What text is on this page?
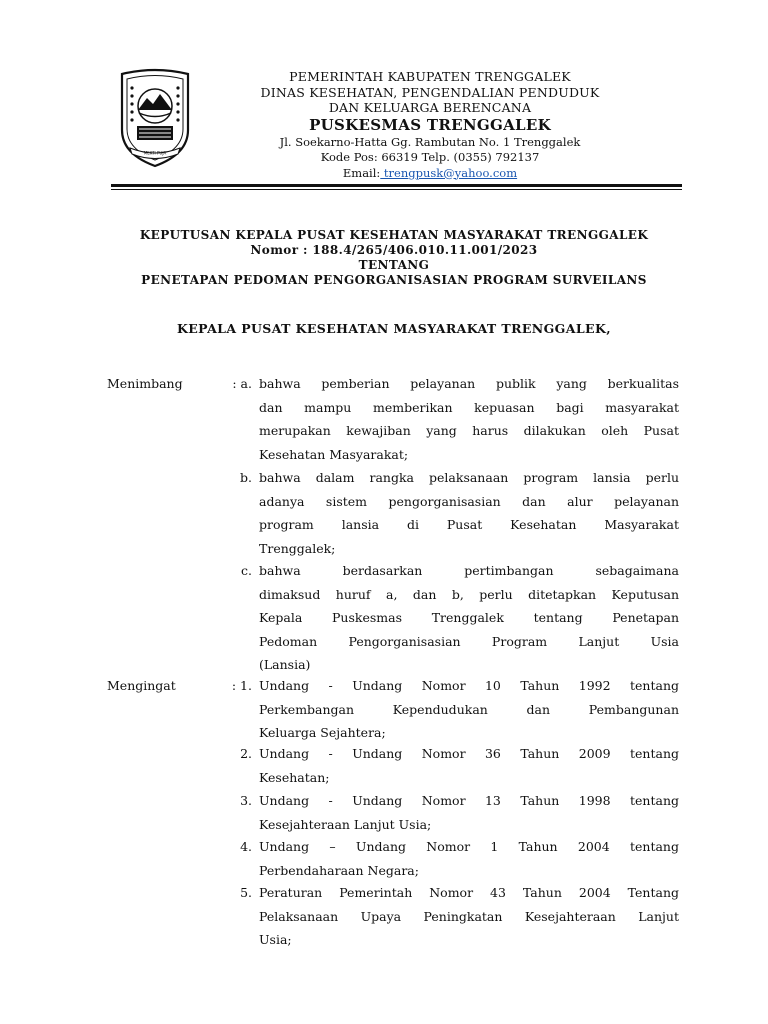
MEKTI PUJA
PEMERINTAH KABUPATEN TRENGGALEK
DINAS KESEHATAN, PENGENDALIAN PENDUDUK
DAN KELUARGA BERENCANA
PUSKESMAS TRENGGALEK
Jl. Soekarno-Hatta Gg. Rambutan No. 1 Trenggalek
Kode Pos: 66319 Telp. (0355) 792137
Email: trengpusk@yahoo.com
KEPUTUSAN KEPALA PUSAT KESEHATAN MASYARAKAT TRENGGALEK
Nomor : 188.4/265/406.010.11.001/2023
TENTANG
PENETAPAN PEDOMAN PENGORGANISASIAN PROGRAM SURVEILANS
KEPALA PUSAT KESEHATAN MASYARAKAT TRENGGALEK,
Menimbang	: a. bahwa pemberian pelayanan publik yang berkualitas
dan mampu memberikan kepuasan bagi masyarakat
merupakan kewajiban yang harus dilakukan oleh Pusat
Kesehatan Masyarakat;
b. bahwa dalam rangka pelaksanaan program lansia perlu
adanya sistem pengorganisasian dan alur pelayanan
program lansia di Pusat Kesehatan Masyarakat
Trenggalek;
c. bahwa berdasarkan pertimbangan sebagaimana
dimaksud huruf a, dan b, perlu ditetapkan Keputusan
Kepala Puskesmas Trenggalek tentang Penetapan
Pedoman Pengorganisasian Program Lanjut Usia
(Lansia)
Mengingat	: 1. Undang - Undang Nomor 10 Tahun 1992 tentang
Perkembangan Kependudukan dan Pembangunan
Keluarga Sejahtera;
2. Undang - Undang Nomor 36 Tahun 2009 tentang
Kesehatan;
3. Undang - Undang Nomor 13 Tahun 1998 tentang
Kesejahteraan Lanjut Usia;
4. Undang – Undang Nomor 1 Tahun 2004 tentang
Perbendaharaan Negara;
5. Peraturan Pemerintah Nomor 43 Tahun 2004 Tentang
Pelaksanaan Upaya Peningkatan Kesejahteraan Lanjut
Usia;
